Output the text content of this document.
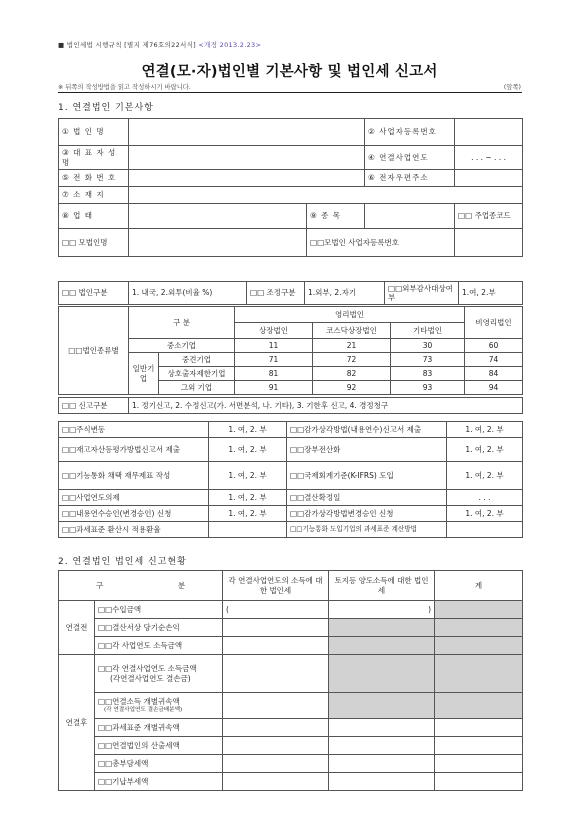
■ 법인세법 시행규칙 [별지 제76호의22서식] <개정 2013.2.23>
연결(모·자)법인별 기본사항 및 법인세 신고서
※ 뒤쪽의 작성방법을 읽고 작성하시기 바랍니다.	(앞쪽)
1. 연결법인 기본사항
① 법 인 명			② 사업자등록번호	
③ 대 표 자 성 명			④ 연결사업연도	. . . ~ . . .
⑤ 전 화 번 호			⑥ 전자우편주소	
⑦ 소 재 지				
⑧ 업 태		⑨ 종 목		□□ 주업종코드
□□ 모법인명		□□모법인 사업자등록번호		
□□ 법인구분	1. 내국, 2.외투(비율 %)	□□ 조정구분	1.외부, 2.자기	□□외부감사대상여부	1.여, 2.부
□□법인종류별	구 분		영리법인			비영리법인
			상장법인	코스닥상장법인	기타법인	
	중소기업		11	21	30	60
	일반기업	중견기업	71	72	73	74
		상호출자제한기업	81	82	83	84
		그외 기업	91	92	93	94
□□ 신고구분	1. 정기신고, 2. 수정신고(가. 서면분석, 나. 기타), 3. 기한후 신고, 4. 경정청구
□□주식변동	1. 여, 2. 부	□□감가상각방법(내용연수)신고서 제출	1. 여, 2. 부
□□재고자산등평가방법신고서 제출	1. 여, 2. 부	□□장부전산화	1. 여, 2. 부
□□기능통화 채택 재무제표 작성	1. 여, 2. 부	□□국제회계기준(K-IFRS) 도입	1. 여, 2. 부
□□사업연도의제	1. 여, 2. 부	□□결산확정일	. . .
□□내용연수승인(변경승인) 신청	1. 여, 2. 부	□□감가상각방법변경승인 신청	1. 여, 2. 부
□□과세표준 환산시 적용환율		□□기능통화 도입기업의 과세표준 계산방법	
2. 연결법인 법인세 신고현황
구 분		각 연결사업연도의 소득에 대한 법인세	토지등 양도소득에 대한 법인세	계
연결전	□□수입금액	(	)	
	□□결산서상 당기순손익			
	□□각 사업연도 소득금액			
연결후	□□각 연결사업연도 소득금액
(각연결사업연도 결손금)			

	□□연결소득 개별귀속액
(각 연결사업연도 결손금배분액)			

	□□과세표준 개별귀속액			
	□□연결법인의 산출세액			
	□□총부담세액			
	□□기납부세액			
